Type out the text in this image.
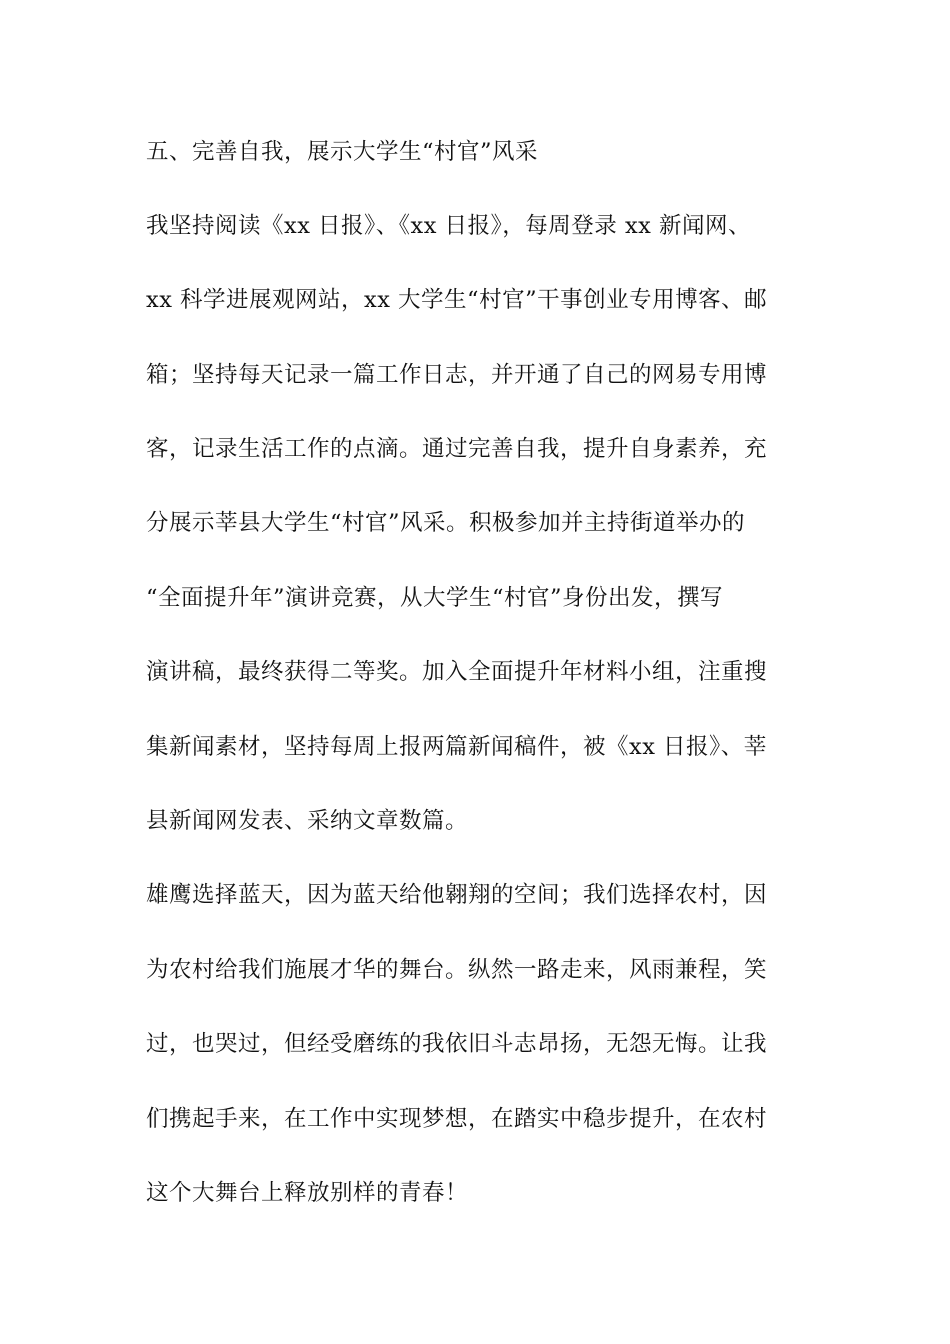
五、完善自我，展示大学生“村官”风采
我坚持阅读《xx 日报》、《xx 日报》，每周登录 xx 新闻网、
xx 科学进展观网站，xx 大学生“村官”干事创业专用博客、邮
箱；坚持每天记录一篇工作日志，并开通了自己的网易专用博
客，记录生活工作的点滴。通过完善自我，提升自身素养，充
分展示莘县大学生“村官”风采。积极参加并主持街道举办的
“全面提升年”演讲竞赛，从大学生“村官”身份出发，撰写
演讲稿，最终获得二等奖。加入全面提升年材料小组，注重搜
集新闻素材，坚持每周上报两篇新闻稿件，被《xx 日报》、莘
县新闻网发表、采纳文章数篇。
雄鹰选择蓝天，因为蓝天给他翱翔的空间；我们选择农村，因
为农村给我们施展才华的舞台。纵然一路走来，风雨兼程，笑
过，也哭过，但经受磨练的我依旧斗志昂扬，无怨无悔。让我
们携起手来，在工作中实现梦想，在踏实中稳步提升，在农村
这个大舞台上释放别样的青春！
